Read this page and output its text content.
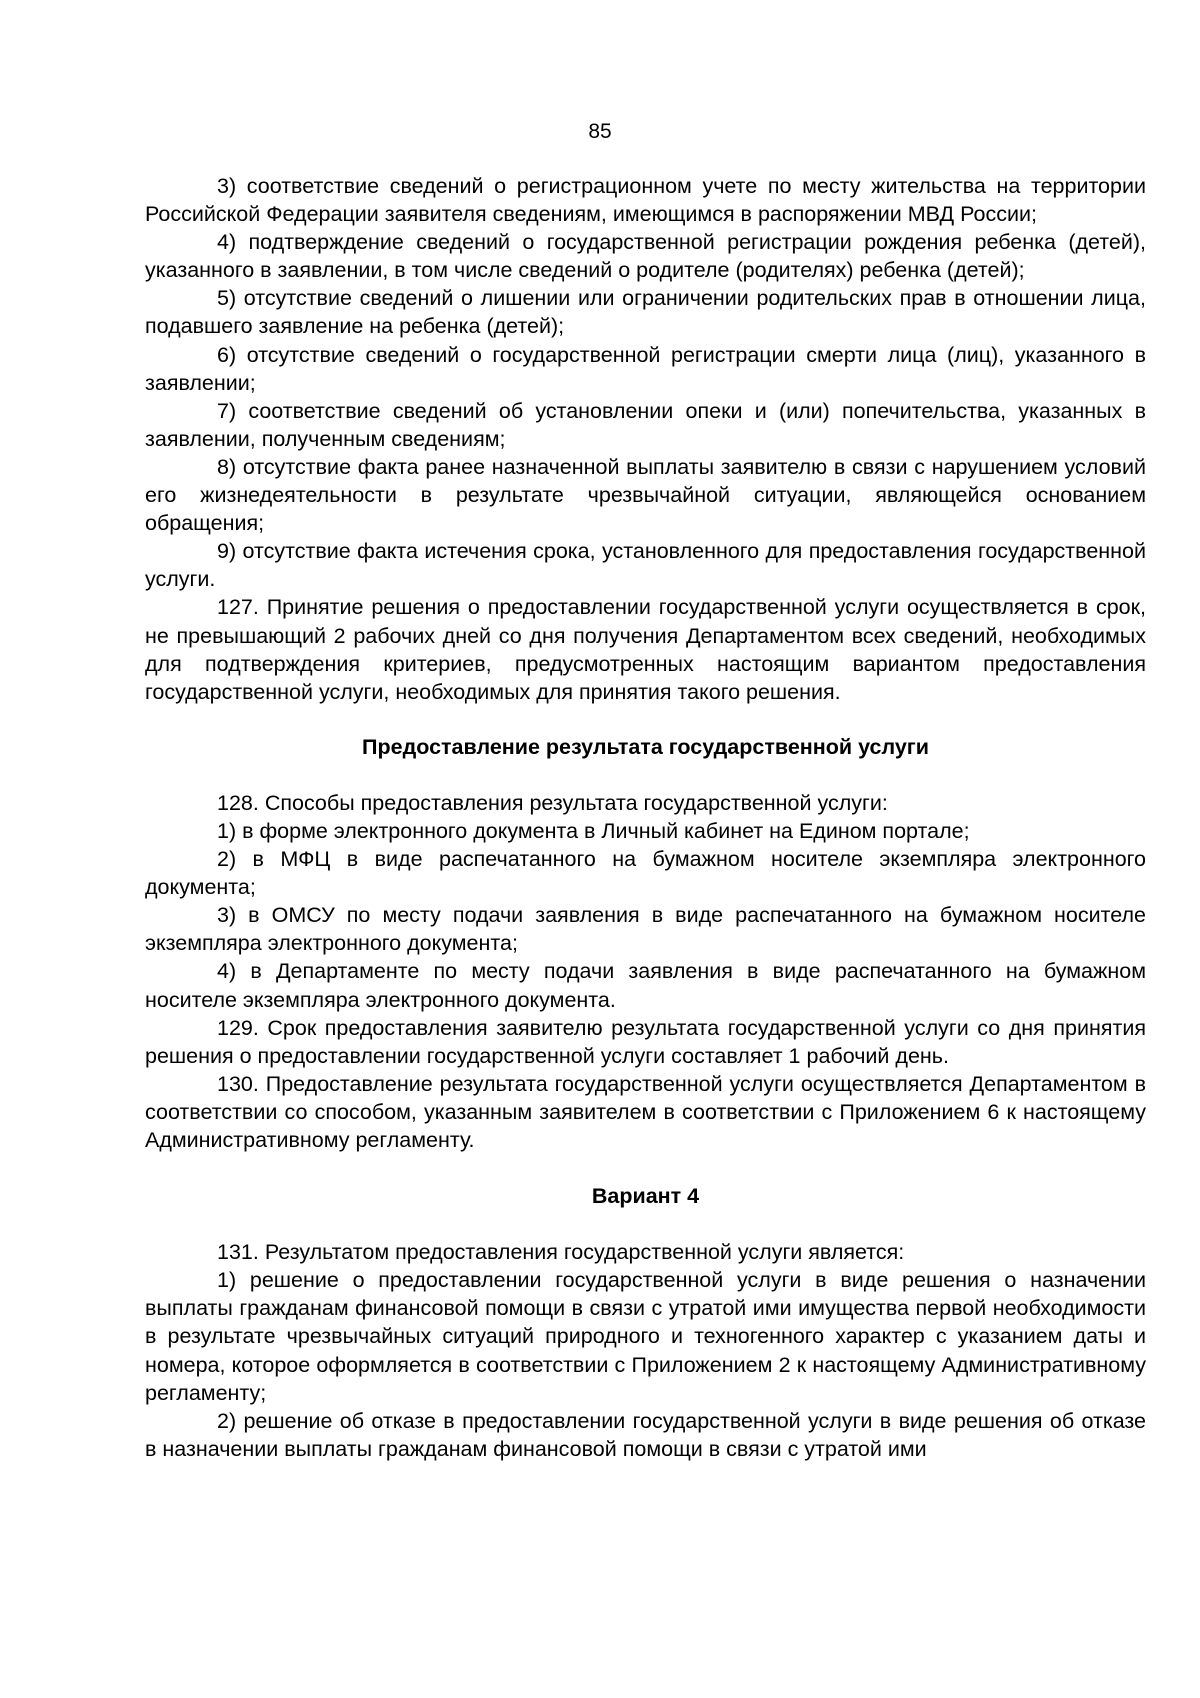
85

3) соответствие сведений о регистрационном учете по месту жительства на территории Российской Федерации заявителя сведениям, имеющимся в распоряжении МВД России;

4) подтверждение сведений о государственной регистрации рождения ребенка (детей), указанного в заявлении, в том числе сведений о родителе (родителях) ребенка (детей);

5) отсутствие сведений о лишении или ограничении родительских прав в отношении лица, подавшего заявление на ребенка (детей);

6) отсутствие сведений о государственной регистрации смерти лица (лиц), указанного в заявлении;

7) соответствие сведений об установлении опеки и (или) попечительства, указанных в заявлении, полученным сведениям;

8) отсутствие факта ранее назначенной выплаты заявителю в связи с нарушением условий его жизнедеятельности в результате чрезвычайной ситуации, являющейся основанием обращения;

9) отсутствие факта истечения срока, установленного для предоставления государственной услуги.

127. Принятие решения о предоставлении государственной услуги осуществляется в срок, не превышающий 2 рабочих дней со дня получения Департаментом всех сведений, необходимых для подтверждения критериев, предусмотренных настоящим вариантом предоставления государственной услуги, необходимых для принятия такого решения.

Предоставление результата государственной услуги

128. Способы предоставления результата государственной услуги:

1) в форме электронного документа в Личный кабинет на Едином портале;

2) в МФЦ в виде распечатанного на бумажном носителе экземпляра электронного документа;

3) в ОМСУ по месту подачи заявления в виде распечатанного на бумажном носителе экземпляра электронного документа;

4) в Департаменте по месту подачи заявления в виде распечатанного на бумажном носителе экземпляра электронного документа.

129. Срок предоставления заявителю результата государственной услуги со дня принятия решения о предоставлении государственной услуги составляет 1 рабочий день.

130. Предоставление результата государственной услуги осуществляется Департаментом в соответствии со способом, указанным заявителем в соответствии с Приложением 6 к настоящему Административному регламенту.

Вариант 4

131. Результатом предоставления государственной услуги является:

1) решение о предоставлении государственной услуги в виде решения о назначении выплаты гражданам финансовой помощи в связи с утратой ими имущества первой необходимости в результате чрезвычайных ситуаций природного и техногенного характер с указанием даты и номера, которое оформляется в соответствии с Приложением 2 к настоящему Административному регламенту;

2) решение об отказе в предоставлении государственной услуги в виде решения об отказе в назначении выплаты гражданам финансовой помощи в связи с утратой ими
